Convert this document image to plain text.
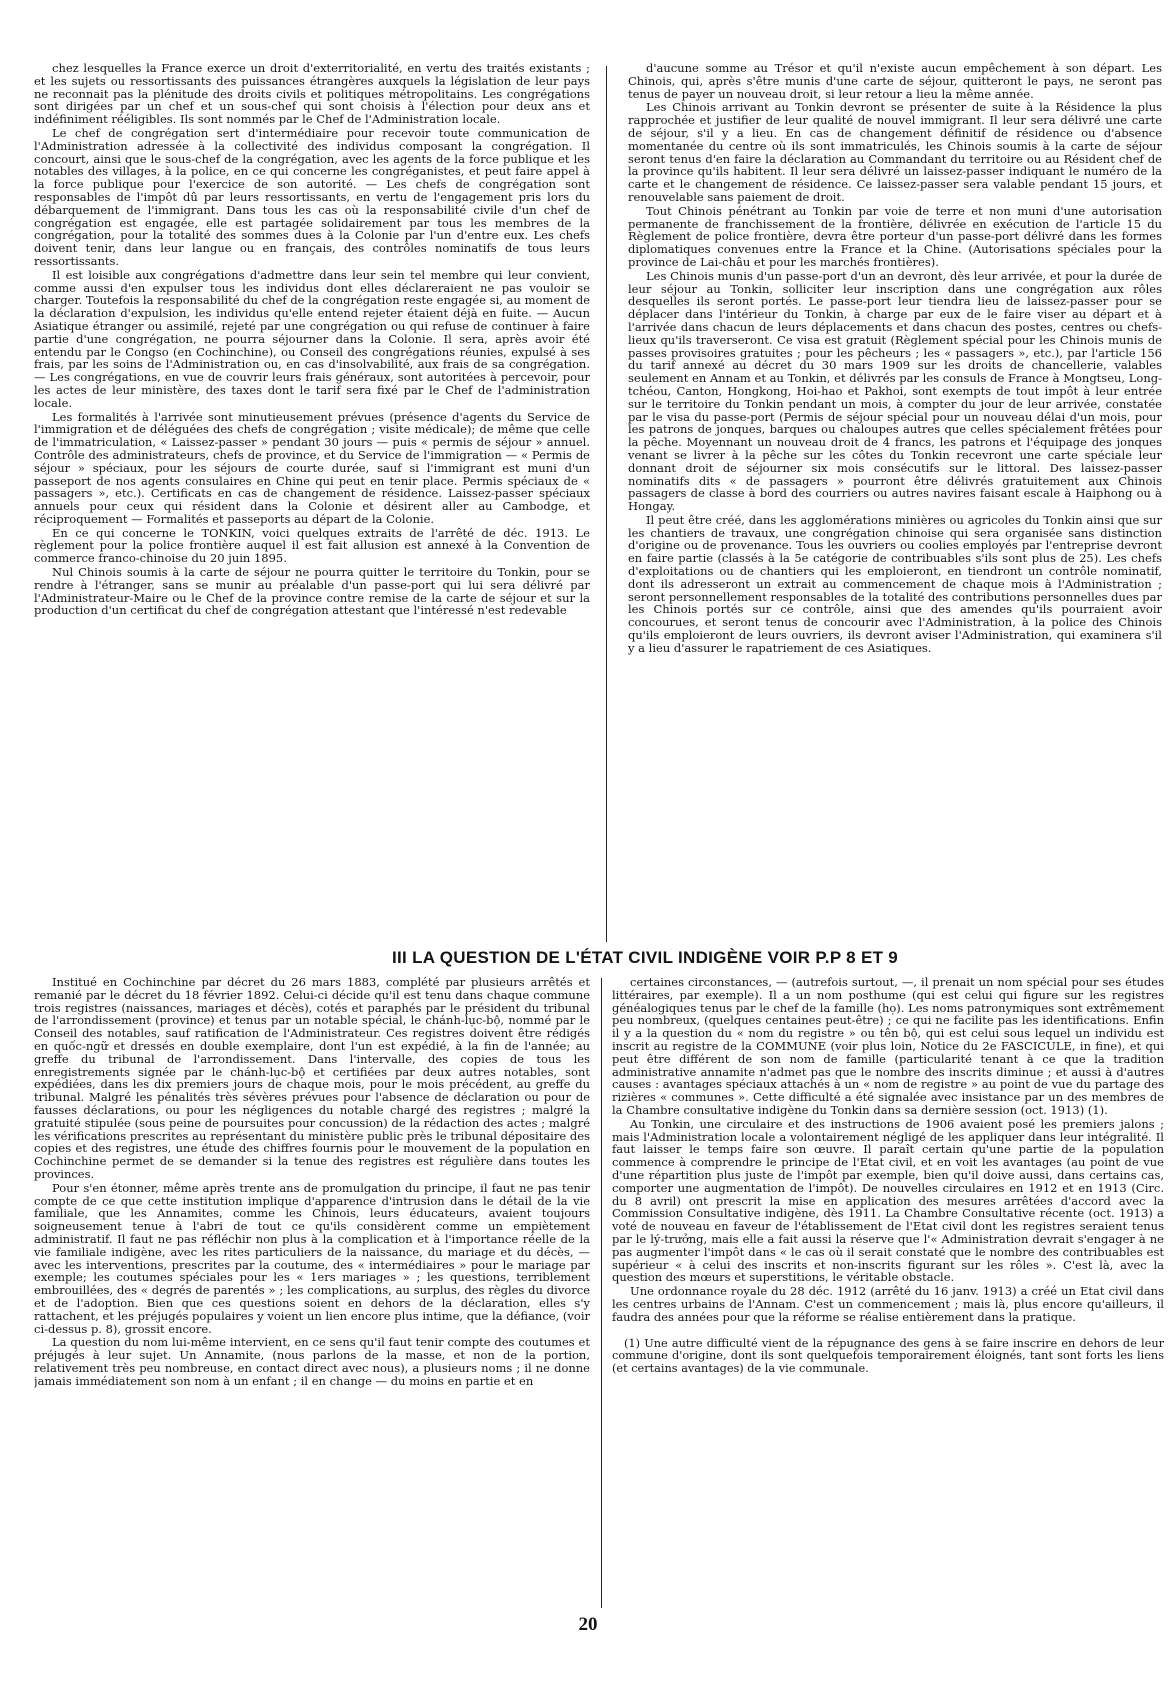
chez lesquelles la France exerce un droit d'exterritorialité, en vertu des traités existants ; et les sujets ou ressortissants des puissances étrangères auxquels la législation de leur pays ne reconnait pas la plénitude des droits civils et politiques métropolitains. Les congrégations sont dirigées par un chef et un sous-chef qui sont choisis à l'élection pour deux ans et indéfiniment rééligibles. Ils sont nommés par le Chef de l'Administration locale.

Le chef de congrégation sert d'intermédiaire pour recevoir toute communication de l'Administration adressée à la collectivité des individus composant la congrégation. Il concourt, ainsi que le sous-chef de la congrégation, avec les agents de la force publique et les notables des villages, à la police, en ce qui concerne les congréganistes, et peut faire appel à la force publique pour l'exercice de son autorité. — Les chefs de congrégation sont responsables de l'impôt dû par leurs ressortissants, en vertu de l'engagement pris lors du débarquement de l'immigrant. Dans tous les cas où la responsabilité civile d'un chef de congrégation est engagée, elle est partagée solidairement par tous les membres de la congrégation, pour la totalité des sommes dues à la Colonie par l'un d'entre eux. Les chefs doivent tenir, dans leur langue ou en français, des contrôles nominatifs de tous leurs ressortissants.

Il est loisible aux congrégations d'admettre dans leur sein tel membre qui leur convient, comme aussi d'en expulser tous les individus dont elles déclareraient ne pas vouloir se charger. Toutefois la responsabilité du chef de la congrégation reste engagée si, au moment de la déclaration d'expulsion, les individus qu'elle entend rejeter étaient déjà en fuite. — Aucun Asiatique étranger ou assimilé, rejeté par une congrégation ou qui refuse de continuer à faire partie d'une congrégation, ne pourra séjourner dans la Colonie. Il sera, après avoir été entendu par le Congso (en Cochinchine), ou Conseil des congrégations réunies, expulsé à ses frais, par les soins de l'Administration ou, en cas d'insolvabilité, aux frais de sa congrégation. — Les congrégations, en vue de couvrir leurs frais généraux, sont autoritées à percevoir, pour les actes de leur ministère, des taxes dont le tarif sera fixé par le Chef de l'administration locale.

Les formalités à l'arrivée sont minutieusement prévues (présence d'agents du Service de l'immigration et de déléguées des chefs de congrégation ; visite médicale); de même que celle de l'immatriculation, « Laissez-passer » pendant 30 jours — puis « permis de séjour » annuel. Contrôle des administrateurs, chefs de province, et du Service de l'immigration — « Permis de séjour » spéciaux, pour les séjours de courte durée, sauf si l'immigrant est muni d'un passeport de nos agents consulaires en Chine qui peut en tenir place. Permis spéciaux de « passagers », etc.). Certificats en cas de changement de résidence. Laissez-passer spéciaux annuels pour ceux qui résident dans la Colonie et désirent aller au Cambodge, et réciproquement — Formalités et passeports au départ de la Colonie.

En ce qui concerne le TONKIN, voici quelques extraits de l'arrêté de déc. 1913. Le règlement pour la police frontière auquel il est fait allusion est annexé à la Convention de commerce franco-chinoise du 20 juin 1895.

Nul Chinois soumis à la carte de séjour ne pourra quitter le territoire du Tonkin, pour se rendre à l'étranger, sans se munir au préalable d'un passe-port qui lui sera délivré par l'Administrateur-Maire ou le Chef de la province contre remise de la carte de séjour et sur la production d'un certificat du chef de congrégation attestant que l'intéressé n'est redevable

d'aucune somme au Trésor et qu'il n'existe aucun empêchement à son départ. Les Chinois, qui, après s'être munis d'une carte de séjour, quitteront le pays, ne seront pas tenus de payer un nouveau droit, si leur retour a lieu la même année.

Les Chinois arrivant au Tonkin devront se présenter de suite à la Résidence la plus rapprochée et justifier de leur qualité de nouvel immigrant. Il leur sera délivré une carte de séjour, s'il y a lieu. En cas de changement définitif de résidence ou d'absence momentanée du centre où ils sont immatriculés, les Chinois soumis à la carte de séjour seront tenus d'en faire la déclaration au Commandant du territoire ou au Résident chef de la province qu'ils habitent. Il leur sera délivré un laissez-passer indiquant le numéro de la carte et le changement de résidence. Ce laissez-passer sera valable pendant 15 jours, et renouvelable sans paiement de droit.

Tout Chinois pénétrant au Tonkin par voie de terre et non muni d'une autorisation permanente de franchissement de la frontière, délivrée en exécution de l'article 15 du Règlement de police frontière, devra être porteur d'un passe-port délivré dans les formes diplomatiques convenues entre la France et la Chine. (Autorisations spéciales pour la province de Lai-châu et pour les marchés frontières).

Les Chinois munis d'un passe-port d'un an devront, dès leur arrivée, et pour la durée de leur séjour au Tonkin, solliciter leur inscription dans une congrégation aux rôles desquelles ils seront portés. Le passe-port leur tiendra lieu de laissez-passer pour se déplacer dans l'intérieur du Tonkin, à charge par eux de le faire viser au départ et à l'arrivée dans chacun de leurs déplacements et dans chacun des postes, centres ou chefs-lieux qu'ils traverseront. Ce visa est gratuit (Règlement spécial pour les Chinois munis de passes provisoires gratuites ; pour les pêcheurs ; les « passagers », etc.), par l'article 156 du tarif annexé au décret du 30 mars 1909 sur les droits de chancellerie, valables seulement en Annam et au Tonkin, et délivrés par les consuls de France à Mongtseu, Long-tchéou, Canton, Hongkong, Hoi-hao et Pakhoi, sont exempts de tout impôt à leur entrée sur le territoire du Tonkin pendant un mois, à compter du jour de leur arrivée, constatée par le visa du passe-port (Permis de séjour spécial pour un nouveau délai d'un mois, pour les patrons de jonques, barques ou chaloupes autres que celles spécialement frêtées pour la pêche. Moyennant un nouveau droit de 4 francs, les patrons et l'équipage des jonques venant se livrer à la pêche sur les côtes du Tonkin recevront une carte spéciale leur donnant droit de séjourner six mois consécutifs sur le littoral. Des laissez-passer nominatifs dits « de passagers » pourront être délivrés gratuitement aux Chinois passagers de classe à bord des courriers ou autres navires faisant escale à Haiphong ou à Hongay.

Il peut être créé, dans les agglomérations minières ou agricoles du Tonkin ainsi que sur les chantiers de travaux, une congrégation chinoise qui sera organisée sans distinction d'origine ou de provenance. Tous les ouvriers ou coolies employés par l'entreprise devront en faire partie (classés à la 5e catégorie de contribuables s'ils sont plus de 25). Les chefs d'exploitations ou de chantiers qui les emploieront, en tiendront un contrôle nominatif, dont ils adresseront un extrait au commencement de chaque mois à l'Administration ; seront personnellement responsables de la totalité des contributions personnelles dues par les Chinois portés sur ce contrôle, ainsi que des amendes qu'ils pourraient avoir concourues, et seront tenus de concourir avec l'Administration, à la police des Chinois qu'ils emploieront de leurs ouvriers, ils devront aviser l'Administration, qui examinera s'il y a lieu d'assurer le rapatriement de ces Asiatiques.

III LA QUESTION DE L'ÉTAT CIVIL INDIGÈNE VOIR P.P 8 ET 9

Institué en Cochinchine par décret du 26 mars 1883, complété par plusieurs arrêtés et remanié par le décret du 18 février 1892. Celui-ci décide qu'il est tenu dans chaque commune trois registres (naissances, mariages et décès), cotés et paraphés par le président du tribunal de l'arrondissement (province) et tenus par un notable spécial, le chánh-lục-bộ, nommé par le Conseil des notables, sauf ratification de l'Administrateur. Ces registres doivent être rédigés en quốc-ngữ et dressés en double exemplaire, dont l'un est expédié, à la fin de l'année; au greffe du tribunal de l'arrondissement. Dans l'intervalle, des copies de tous les enregistrements signée par le chánh-lục-bộ et certifiées par deux autres notables, sont expédiées, dans les dix premiers jours de chaque mois, pour le mois précédent, au greffe du tribunal. Malgré les pénalités très sévères prévues pour l'absence de déclaration ou pour de fausses déclarations, ou pour les négligences du notable chargé des registres ; malgré la gratuité stipulée (sous peine de poursuites pour concussion) de la rédaction des actes ; malgré les vérifications prescrites au représentant du ministère public près le tribunal dépositaire des copies et des registres, une étude des chiffres fournis pour le mouvement de la population en Cochinchine permet de se demander si la tenue des registres est régulière dans toutes les provinces.

Pour s'en étonner, même après trente ans de promulgation du principe, il faut ne pas tenir compte de ce que cette institution implique d'apparence d'intrusion dans le détail de la vie familiale, que les Annamites, comme les Chinois, leurs éducateurs, avaient toujours soigneusement tenue à l'abri de tout ce qu'ils considèrent comme un empiètement administratif. Il faut ne pas réfléchir non plus à la complication et à l'importance réelle de la vie familiale indigène, avec les rites particuliers de la naissance, du mariage et du décès, — avec les interventions, prescrites par la coutume, des « intermédiaires » pour le mariage par exemple; les coutumes spéciales pour les « 1ers mariages » ; les questions, terriblement embrouillées, des « degrés de parentés » ; les complications, au surplus, des règles du divorce et de l'adoption. Bien que ces questions soient en dehors de la déclaration, elles s'y rattachent, et les préjugés populaires y voient un lien encore plus intime, que la défiance, (voir ci-dessus p. 8), grossit encore.

La question du nom lui-même intervient, en ce sens qu'il faut tenir compte des coutumes et préjugés à leur sujet. Un Annamite, (nous parlons de la masse, et non de la portion, relativement très peu nombreuse, en contact direct avec nous), a plusieurs noms ; il ne donne jamais immédiatement son nom à un enfant ; il en change — du moins en partie et en

certaines circonstances, — (autrefois surtout, —, il prenait un nom spécial pour ses études littéraires, par exemple). Il a un nom posthume (qui est celui qui figure sur les registres généalogiques tenus par le chef de la famille (họ). Les noms patronymiques sont extrêmement peu nombreux, (quelques centaines peut-être) ; ce qui ne facilite pas les identifications. Enfin il y a la question du « nom du registre » ou tên bộ, qui est celui sous lequel un individu est inscrit au registre de la COMMUNE (voir plus loin, Notice du 2e FASCICULE, in fine), et qui peut être différent de son nom de famille (particularité tenant à ce que la tradition administrative annamite n'admet pas que le nombre des inscrits diminue ; et aussi à d'autres causes : avantages spéciaux attachés à un « nom de registre » au point de vue du partage des rizières « communes ». Cette difficulté a été signalée avec insistance par un des membres de la Chambre consultative indigène du Tonkin dans sa dernière session (oct. 1913) (1).

Au Tonkin, une circulaire et des instructions de 1906 avaient posé les premiers jalons ; mais l'Administration locale a volontairement négligé de les appliquer dans leur intégralité. Il faut laisser le temps faire son œuvre. Il paraît certain qu'une partie de la population commence à comprendre le principe de l'Etat civil, et en voit les avantages (au point de vue d'une répartition plus juste de l'impôt par exemple, bien qu'il doive aussi, dans certains cas, comporter une augmentation de l'impôt). De nouvelles circulaires en 1912 et en 1913 (Circ. du 8 avril) ont prescrit la mise en application des mesures arrêtées d'accord avec la Commission Consultative indigène, dès 1911. La Chambre Consultative récente (oct. 1913) a voté de nouveau en faveur de l'établissement de l'Etat civil dont les registres seraient tenus par le lý-trưởng, mais elle a fait aussi la réserve que l'« Administration devrait s'engager à ne pas augmenter l'impôt dans « le cas où il serait constaté que le nombre des contribuables est supérieur « à celui des inscrits et non-inscrits figurant sur les rôles ». C'est là, avec la question des mœurs et superstitions, le véritable obstacle.

Une ordonnance royale du 28 déc. 1912 (arrêté du 16 janv. 1913) a créé un Etat civil dans les centres urbains de l'Annam. C'est un commencement ; mais là, plus encore qu'ailleurs, il faudra des années pour que la réforme se réalise entièrement dans la pratique.

(1) Une autre difficulté vient de la répugnance des gens à se faire inscrire en dehors de leur commune d'origine, dont ils sont quelquefois temporairement éloignés, tant sont forts les liens (et certains avantages) de la vie communale.

20
